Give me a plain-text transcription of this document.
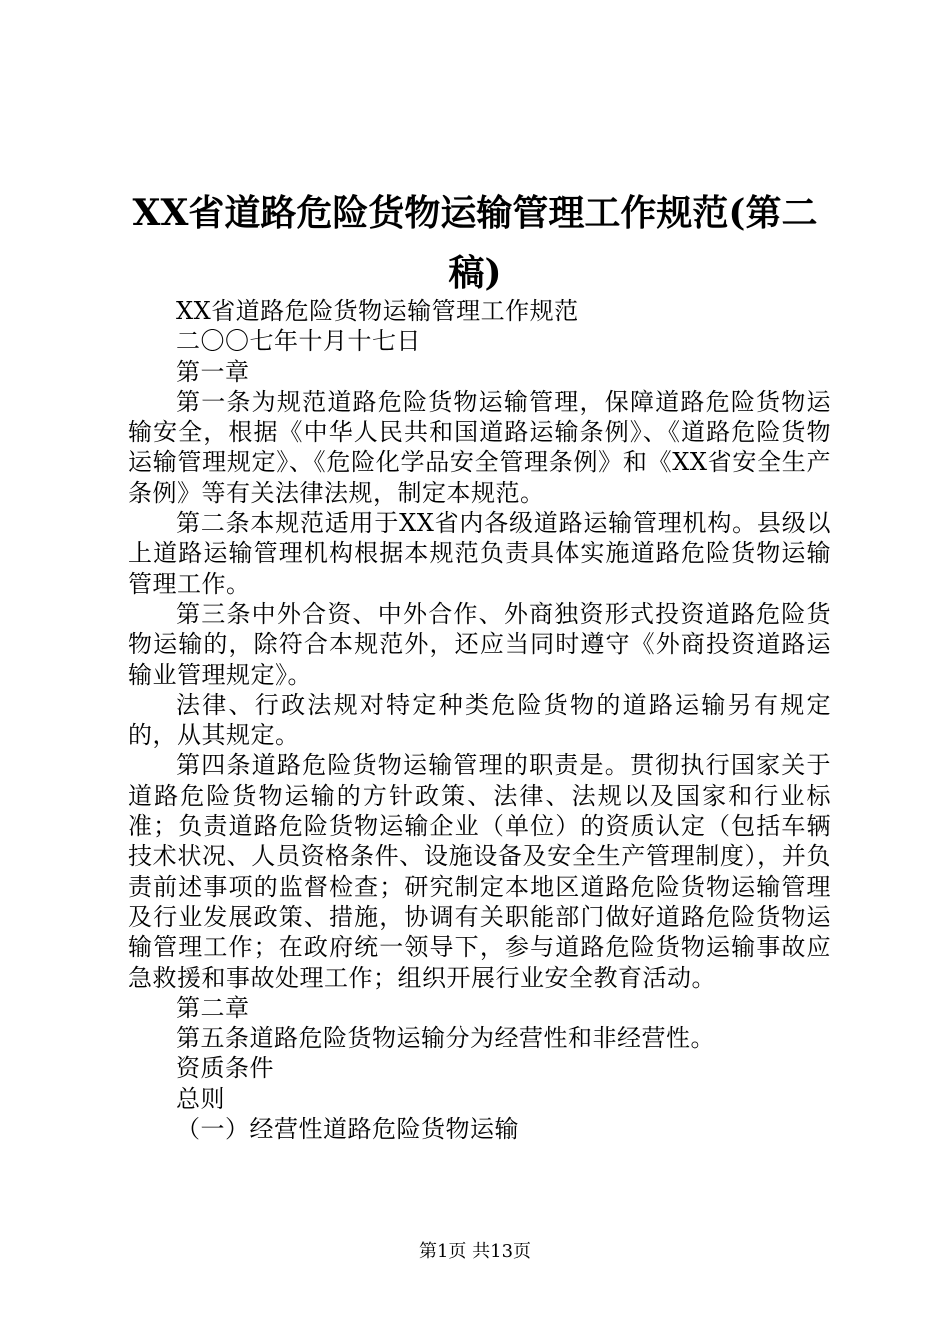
XX省道路危险货物运输管理工作规范(第二稿)

XX省道路危险货物运输管理工作规范

二〇〇七年十月十七日

第一章

第一条为规范道路危险货物运输管理，保障道路危险货物运输安全，根据《中华人民共和国道路运输条例》、《道路危险货物运输管理规定》、《危险化学品安全管理条例》和《XX省安全生产条例》等有关法律法规，制定本规范。

第二条本规范适用于XX省内各级道路运输管理机构。县级以上道路运输管理机构根据本规范负责具体实施道路危险货物运输管理工作。

第三条中外合资、中外合作、外商独资形式投资道路危险货物运输的，除符合本规范外，还应当同时遵守《外商投资道路运输业管理规定》。

法律、行政法规对特定种类危险货物的道路运输另有规定的，从其规定。

第四条道路危险货物运输管理的职责是。贯彻执行国家关于道路危险货物运输的方针政策、法律、法规以及国家和行业标准；负责道路危险货物运输企业（单位）的资质认定（包括车辆技术状况、人员资格条件、设施设备及安全生产管理制度），并负责前述事项的监督检查；研究制定本地区道路危险货物运输管理及行业发展政策、措施，协调有关职能部门做好道路危险货物运输管理工作；在政府统一领导下，参与道路危险货物运输事故应急救援和事故处理工作；组织开展行业安全教育活动。

第二章

第五条道路危险货物运输分为经营性和非经营性。

资质条件

总则

（一）经营性道路危险货物运输

第1页 共13页
